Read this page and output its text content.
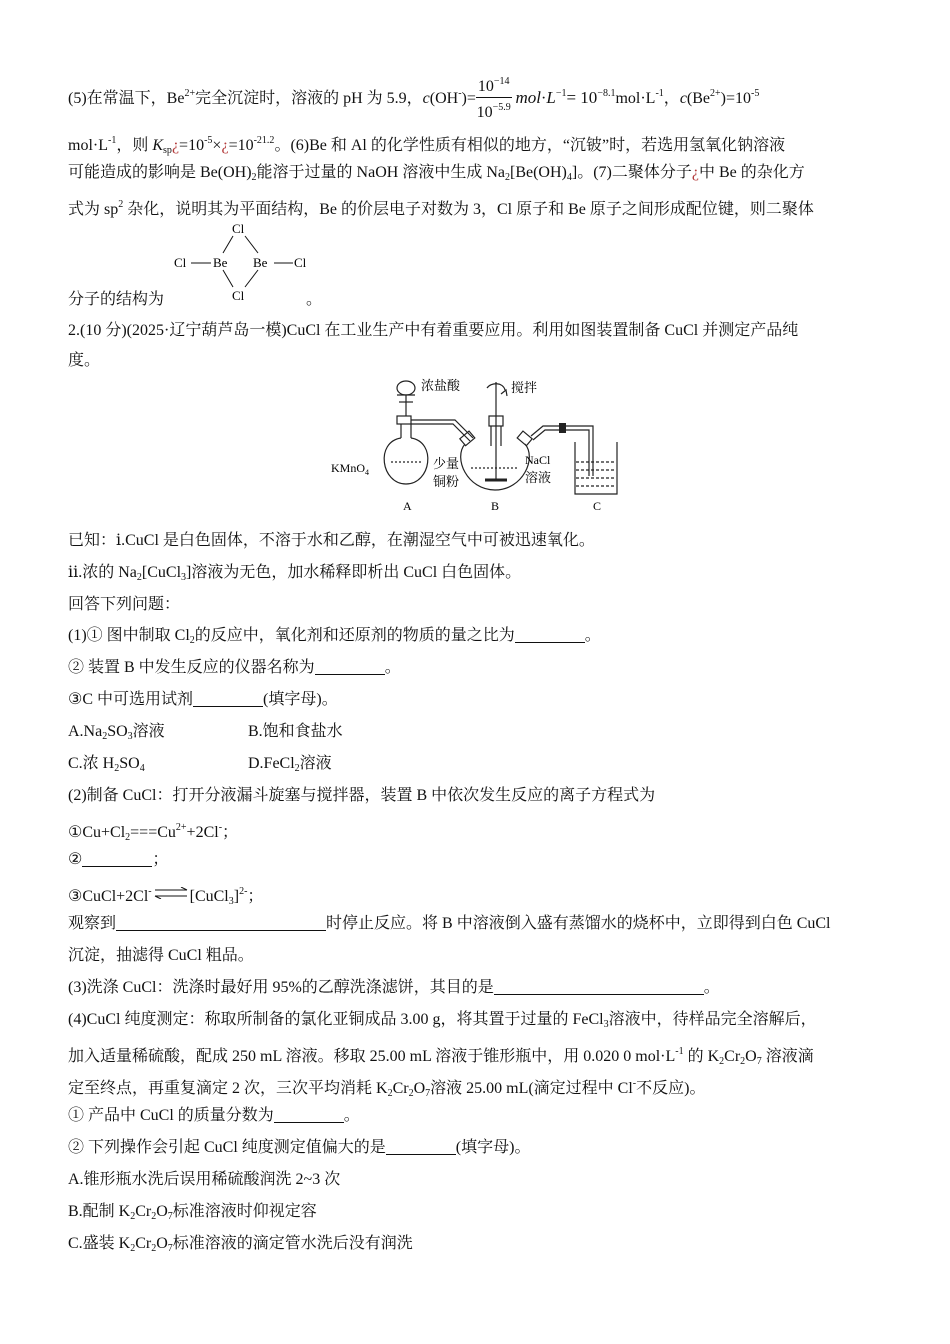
(5)在常温下，$Be^{2+}$完全沉淀时，溶液的 pH 为 5.9，$c(OH^-)= \frac{10^{-14}}{10^{-5.9}} mol\cdot L^{-1}= 10^{-8.1}mol\cdot L^{-1}$，$c(Be^{2+})=10^{-5}$
$mol\cdot L^{-1}$，则 $K_{sp}¿=10^{-5}\times¿=10^{-21.2}$。(6)Be 和 Al 的化学性质有相似的地方，“沉铍”时，若选用氢氧化钠溶液
可能造成的影响是 $Be(OH)_2$能溶于过量的 NaOH 溶液中生成 $Na_2[Be(OH)_4]$。(7)二聚体分子¿中 Be 的杂化方
式为 $sp^2$ 杂化，说明其为平面结构，Be 的价层电子对数为 3，Cl 原子和 Be 原子之间形成配位键，则二聚体
Cl
Cl
Cl	Cl
Be Be
分子的结构为	。
2.(10 分)(2025·辽宁葫芦岛一模)CuCl 在工业生产中有着重要应用。利用如图装置制备 CuCl 并测定产品纯
度。
浓盐酸
KMnO$_4$
A
搅拌
少量
铜粉
NaCl
溶液
B	C
已知：ⅰ.CuCl 是白色固体，不溶于水和乙醇，在潮湿空气中可被迅速氧化。
ⅱ.浓的 $Na_2[CuCl_3]$溶液为无色，加水稀释即析出 CuCl 白色固体。
回答下列问题：
(1)① 图中制取 $Cl_2$的反应中，氧化剂和还原剂的物质的量之比为	。
② 装置 B 中发生反应的仪器名称为	。
③C 中可选用试剂	(填字母)。
$A.Na_2SO_3$溶液	B.饱和食盐水
C.浓 $H_2SO_4$	D.FeCl$_2$溶液
(2)制备 CuCl：打开分液漏斗旋塞与搅拌器，装置 B 中依次发生反应的离子方程式为
$①Cu+Cl_2===Cu^{2+}+2Cl^-$；
②	；
③CuCl+2Cl- ⇌ [CuCl$_3$]$^{2-}$；
观察到	时停止反应。将 B 中溶液倒入盛有蒸馏水的烧杯中，立即得到白色 CuCl
沉淀，抽滤得 CuCl 粗品。
(3)洗涤 CuCl：洗涤时最好用 95%的乙醇洗涤滤饼，其目的是	。
(4)CuCl 纯度测定：称取所制备的氯化亚铜成品 3.00 g，将其置于过量的 FeCl$_3$溶液中，待样品完全溶解后，
加入适量稀硫酸，配成 250 mL 溶液。移取 25.00 mL 溶液于锥形瓶中，用 0.020 0 $mol\cdot L^{-1}$ 的 $K_2Cr_2O_7$ 溶液滴
定至终点，再重复滴定 2 次，三次平均消耗 $K_2Cr_2O_7$溶液 25.00 mL(滴定过程中 Cl-不反应)。
① 产品中 CuCl 的质量分数为	。
② 下列操作会引起 CuCl 纯度测定值偏大的是	(填字母)。
A.锥形瓶水洗后误用稀硫酸润洗 2~3 次
B.配制 $K_2Cr_2O_7$标准溶液时仰视定容
C.盛装 $K_2Cr_2O_7$标准溶液的滴定管水洗后没有润洗
